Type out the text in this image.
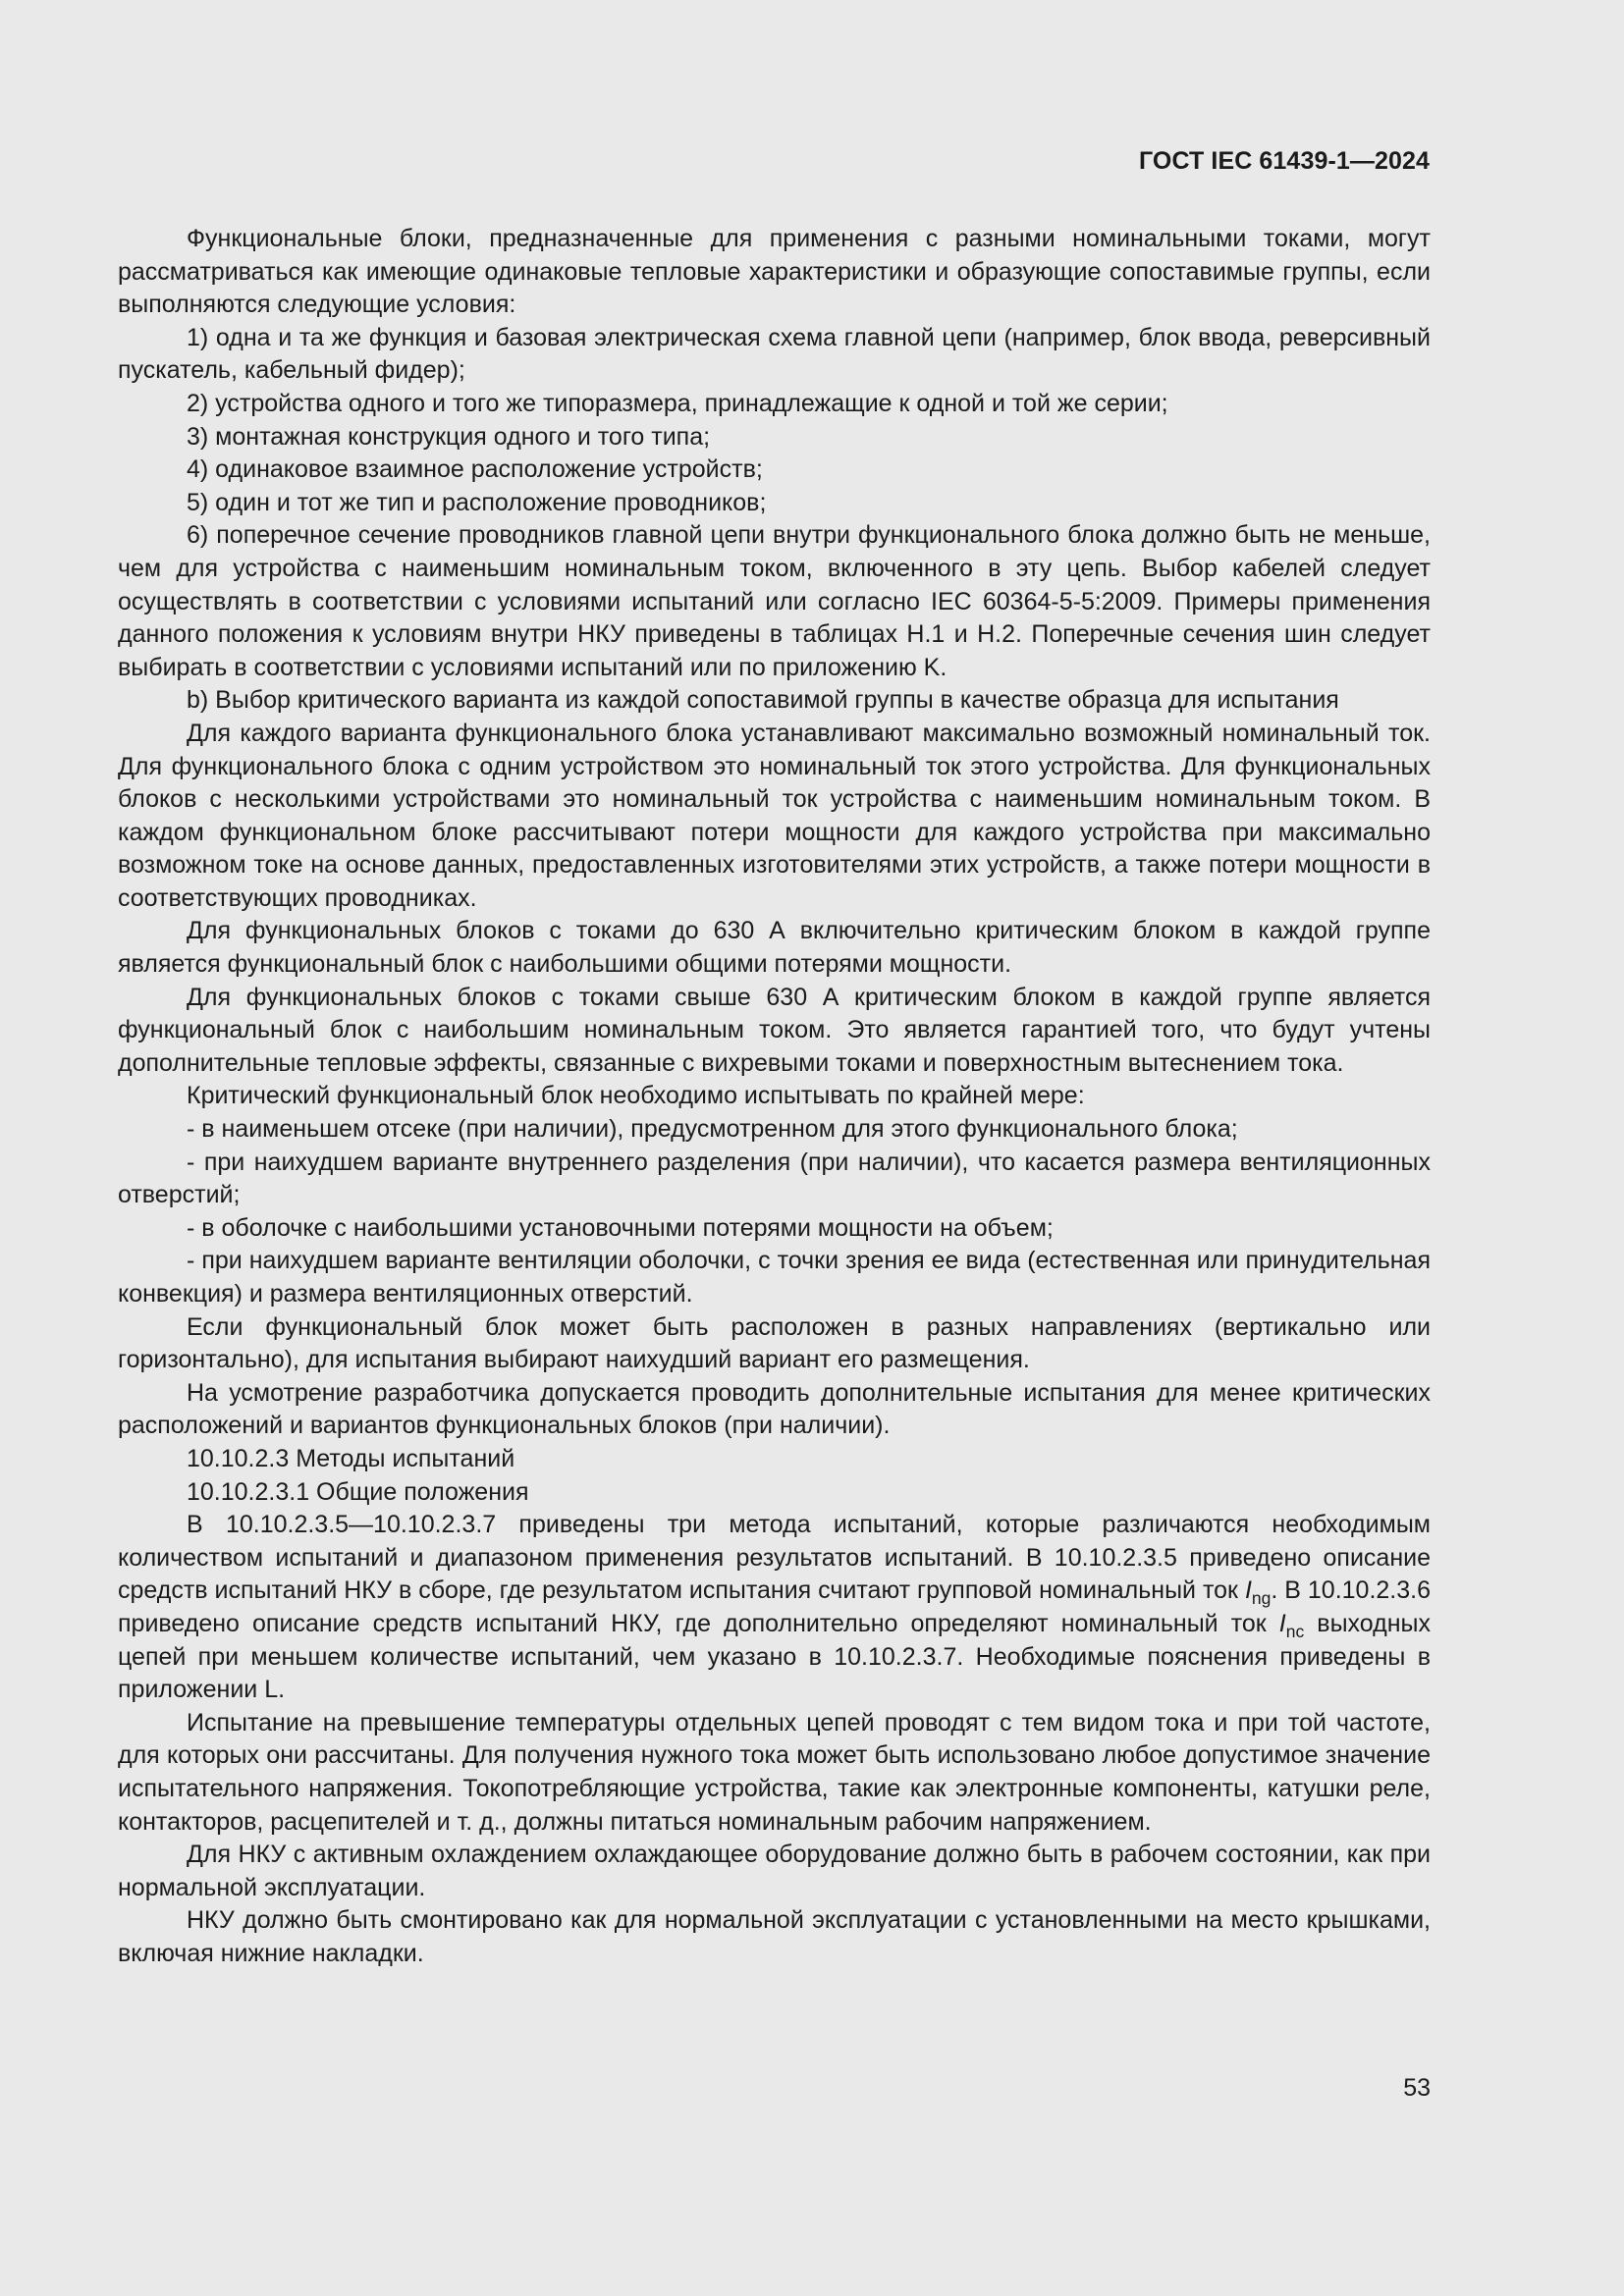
ГОСТ IEC 61439-1—2024

Функциональные блоки, предназначенные для применения с разными номинальными токами, могут рассматриваться как имеющие одинаковые тепловые характеристики и образующие сопоставимые группы, если выполняются следующие условия:

1) одна и та же функция и базовая электрическая схема главной цепи (например, блок ввода, реверсивный пускатель, кабельный фидер);

2) устройства одного и того же типоразмера, принадлежащие к одной и той же серии;

3) монтажная конструкция одного и того типа;

4) одинаковое взаимное расположение устройств;

5) один и тот же тип и расположение проводников;

6) поперечное сечение проводников главной цепи внутри функционального блока должно быть не меньше, чем для устройства с наименьшим номинальным током, включенного в эту цепь. Выбор кабелей следует осуществлять в соответствии с условиями испытаний или согласно IEC 60364-5-5:2009. Примеры применения данного положения к условиям внутри НКУ приведены в таблицах H.1 и H.2. Поперечные сечения шин следует выбирать в соответствии с условиями испытаний или по приложению K.

b) Выбор критического варианта из каждой сопоставимой группы в качестве образца для испытания

Для каждого варианта функционального блока устанавливают максимально возможный номинальный ток. Для функционального блока с одним устройством это номинальный ток этого устройства. Для функциональных блоков с несколькими устройствами это номинальный ток устройства с наименьшим номинальным током. В каждом функциональном блоке рассчитывают потери мощности для каждого устройства при максимально возможном токе на основе данных, предоставленных изготовителями этих устройств, а также потери мощности в соответствующих проводниках.

Для функциональных блоков с токами до 630 А включительно критическим блоком в каждой группе является функциональный блок с наибольшими общими потерями мощности.

Для функциональных блоков с токами свыше 630 А критическим блоком в каждой группе является функциональный блок с наибольшим номинальным током. Это является гарантией того, что будут учтены дополнительные тепловые эффекты, связанные с вихревыми токами и поверхностным вытеснением тока.

Критический функциональный блок необходимо испытывать по крайней мере:

- в наименьшем отсеке (при наличии), предусмотренном для этого функционального блока;

- при наихудшем варианте внутреннего разделения (при наличии), что касается размера вентиляционных отверстий;

- в оболочке с наибольшими установочными потерями мощности на объем;

- при наихудшем варианте вентиляции оболочки, с точки зрения ее вида (естественная или принудительная конвекция) и размера вентиляционных отверстий.

Если функциональный блок может быть расположен в разных направлениях (вертикально или горизонтально), для испытания выбирают наихудший вариант его размещения.

На усмотрение разработчика допускается проводить дополнительные испытания для менее критических расположений и вариантов функциональных блоков (при наличии).

10.10.2.3 Методы испытаний

10.10.2.3.1 Общие положения

В 10.10.2.3.5—10.10.2.3.7 приведены три метода испытаний, которые различаются необходимым количеством испытаний и диапазоном применения результатов испытаний. В 10.10.2.3.5 приведено описание средств испытаний НКУ в сборе, где результатом испытания считают групповой номинальный ток $I_{ng}$. В 10.10.2.3.6 приведено описание средств испытаний НКУ, где дополнительно определяют номинальный ток $I_{nc}$ выходных цепей при меньшем количестве испытаний, чем указано в 10.10.2.3.7. Необходимые пояснения приведены в приложении L.

Испытание на превышение температуры отдельных цепей проводят с тем видом тока и при той частоте, для которых они рассчитаны. Для получения нужного тока может быть использовано любое допустимое значение испытательного напряжения. Токопотребляющие устройства, такие как электронные компоненты, катушки реле, контакторов, расцепителей и т. д., должны питаться номинальным рабочим напряжением.

Для НКУ с активным охлаждением охлаждающее оборудование должно быть в рабочем состоянии, как при нормальной эксплуатации.

НКУ должно быть смонтировано как для нормальной эксплуатации с установленными на место крышками, включая нижние накладки.

53
